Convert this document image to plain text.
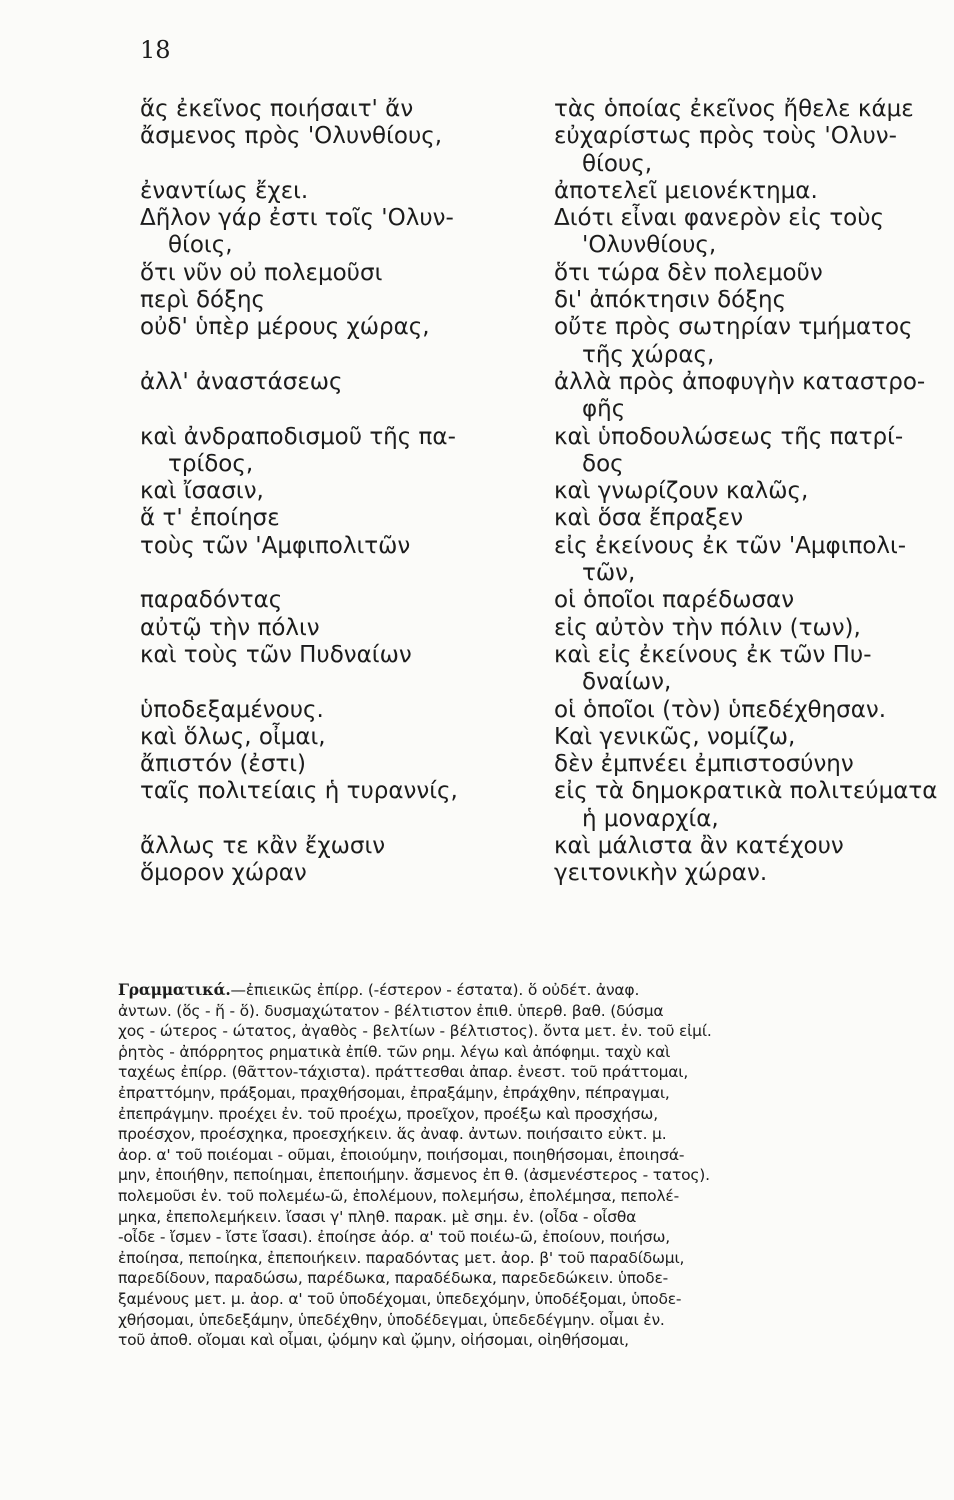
18
ἅς ἐκεῖνος ποιήσαιτ' ἄν
ἄσμενος πρὸς 'Ολυνθίους,
ἐναντίως ἔχει.
Δῆλον γάρ ἐστι τοῖς 'Ολυν-
θίοις,
ὅτι νῦν οὐ πολεμοῦσι
περὶ δόξης
οὐδ' ὑπὲρ μέρους χώρας,
ἀλλ' ἀναστάσεως
καὶ ἀνδραποδισμοῦ τῆς πα-
τρίδος,
καὶ ἴσασιν,
ἅ τ' ἐποίησε
τοὺς τῶν 'Αμφιπολιτῶν
παραδόντας
αὐτῷ τὴν πόλιν
καὶ τοὺς τῶν Πυδναίων
ὑποδεξαμένους.
καὶ ὅλως, οἶμαι,
ἄπιστόν (ἐστι)
ταῖς πολιτείαις ἡ τυραννίς,
ἄλλως τε κἂν ἔχωσιν
ὅμορον χώραν
τὰς ὁποίας ἐκεῖνος ἤθελε κάμε
εὐχαρίστως πρὸς τοὺς 'Ολυν-
θίους,
ἀποτελεῖ μειονέκτημα.
Διότι εἶναι φανερὸν εἰς τοὺς
'Ολυνθίους,
ὅτι τώρα δὲν πολεμοῦν
δι' ἀπόκτησιν δόξης
οὔτε πρὸς σωτηρίαν τμήματος
τῆς χώρας,
ἀλλὰ πρὸς ἀποφυγὴν καταστρο-
φῆς
καὶ ὑποδουλώσεως τῆς πατρί-
δος
καὶ γνωρίζουν καλῶς,
καὶ ὅσα ἔπραξεν
εἰς ἐκείνους ἐκ τῶν 'Αμφιπολι-
τῶν,
οἱ ὁποῖοι παρέδωσαν
εἰς αὐτὸν τὴν πόλιν (των),
καὶ εἰς ἐκείνους ἐκ τῶν Πυ-
δναίων,
οἱ ὁποῖοι (τὸν) ὑπεδέχθησαν.
Καὶ γενικῶς, νομίζω,
δὲν ἐμπνέει ἐμπιστοσύνην
εἰς τὰ δημοκρατικὰ πολιτεύματα
ἡ μοναρχία,
καὶ μάλιστα ἂν κατέχουν
γειτονικὴν χώραν.
Γραμματικά.—ἐπιεικῶς ἐπίρρ. (-έστερον - έστατα). ὅ οὐδέτ. ἀναφ.
ἀντων. (ὅς - ἥ - ὅ). δυσμαχώτατον - βέλτιστον ἐπιθ. ὑπερθ. βαθ. (δύσμα
χος - ώτερος - ώτατος, ἀγαθὸς - βελτίων - βέλτιστος). ὄντα μετ. ἐν. τοῦ εἰμί.
ῥητὸς - ἀπόρρητος ρηματικὰ ἐπίθ. τῶν ρημ. λέγω καὶ ἀπόφημι. ταχὺ καὶ
ταχέως ἐπίρρ. (θᾶττον-τάχιστα). πράττεσθαι ἀπαρ. ἐνεστ. τοῦ πράττομαι,
ἐπραττόμην, πράξομαι, πραχθήσομαι, ἐπραξάμην, ἐπράχθην, πέπραγμαι,
ἐπεπράγμην. προέχει ἐν. τοῦ προέχω, προεῖχον, προέξω καὶ προσχήσω,
προέσχον, προέσχηκα, προεσχήκειν. ἅς ἀναφ. ἀντων. ποιήσαιτο εὐκτ. μ.
ἀορ. α' τοῦ ποιέομαι - οῦμαι, ἐποιούμην, ποιήσομαι, ποιηθήσομαι, ἐποιησά-
μην, ἐποιήθην, πεποίημαι, ἐπεποιήμην. ἄσμενος ἐπ θ. (ἀσμενέστερος - τατος).
πολεμοῦσι ἐν. τοῦ πολεμέω-ῶ, ἐπολέμουν, πολεμήσω, ἐπολέμησα, πεπολέ-
μηκα, ἐπεπολεμήκειν. ἴσασι γ' πληθ. παρακ. μὲ σημ. ἐν. (οἶδα - οἶσθα
-οἶδε - ἴσμεν - ἴστε ἴσασι). ἐποίησε ἀόρ. α' τοῦ ποιέω-ῶ, ἐποίουν, ποιήσω,
ἐποίησα, πεποίηκα, ἐπεποιήκειν. παραδόντας μετ. ἀορ. β' τοῦ παραδίδωμι,
παρεδίδουν, παραδώσω, παρέδωκα, παραδέδωκα, παρεδεδώκειν. ὑποδε-
ξαμένους μετ. μ. ἀορ. α' τοῦ ὑποδέχομαι, ὑπεδεχόμην, ὑποδέξομαι, ὑποδε-
χθήσομαι, ὑπεδεξάμην, ὑπεδέχθην, ὑποδέδεγμαι, ὑπεδεδέγμην. οἶμαι ἐν.
τοῦ ἀποθ. οἴομαι καὶ οἶμαι, ᾠόμην καὶ ᾤμην, οἰήσομαι, οἰηθήσομαι,
